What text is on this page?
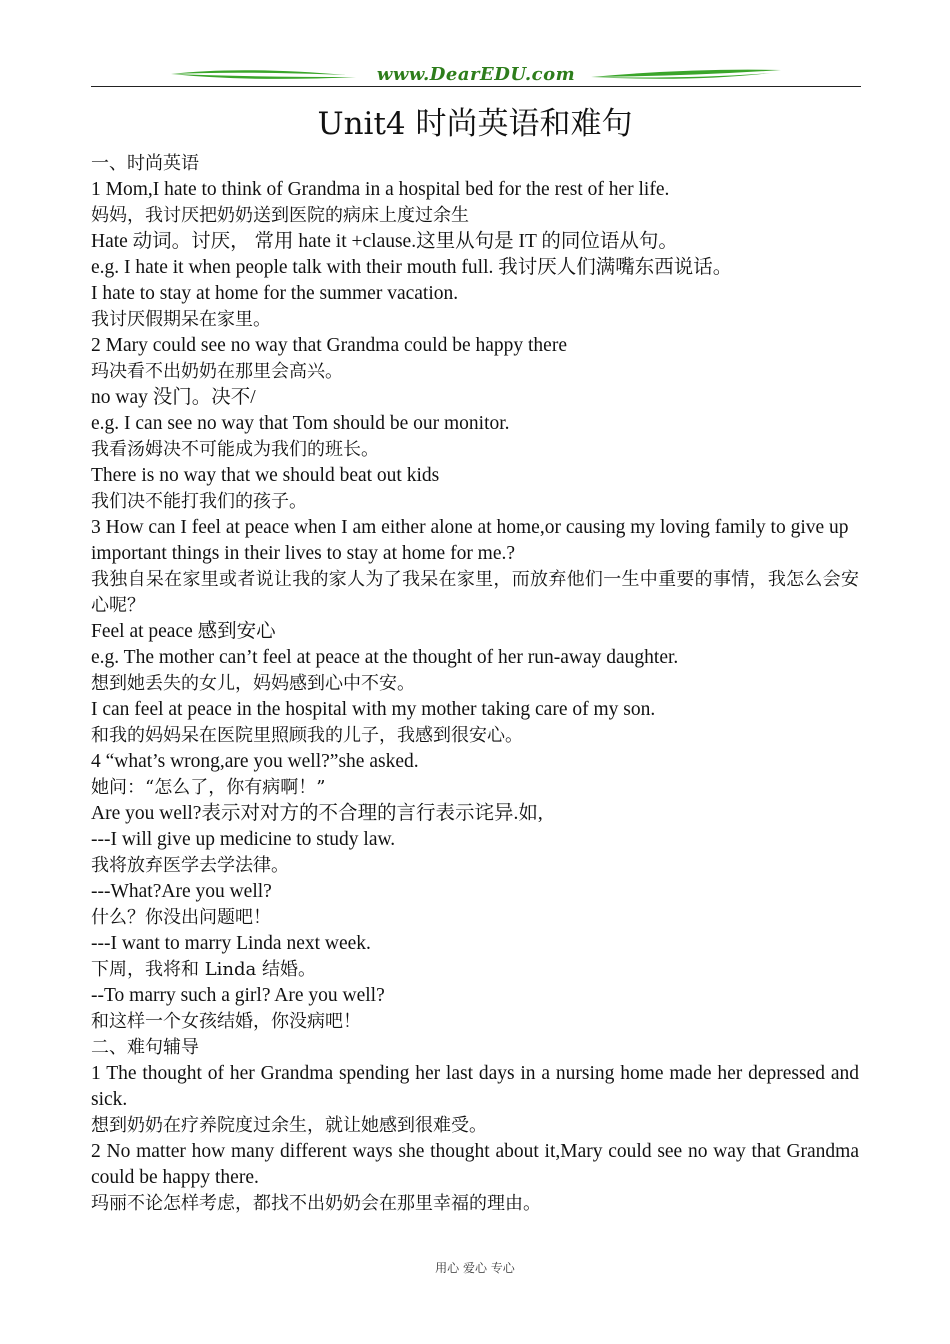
www.DearEDU.com
Unit4 时尚英语和难句
一、时尚英语
1 Mom,I hate to think of Grandma in a hospital bed for the rest of her life.
妈妈，我讨厌把奶奶送到医院的病床上度过余生
Hate 动词。讨厌， 常用 hate it +clause.这里从句是 IT 的同位语从句。
e.g. I hate it when people talk with their mouth full. 我讨厌人们满嘴东西说话。
I hate to stay at home for the summer vacation.
我讨厌假期呆在家里。
2 Mary could see no way that Grandma could be happy there
玛决看不出奶奶在那里会高兴。
no way 没门。决不/
e.g. I can see no way that Tom should be our monitor.
我看汤姆决不可能成为我们的班长。
There is no way that we should beat out kids
我们决不能打我们的孩子。
3 How can I feel at peace when I am either alone at home,or causing my loving family to give up
important things in their lives to stay at home for me.?
我独自呆在家里或者说让我的家人为了我呆在家里，而放弃他们一生中重要的事情，我怎么会安心呢？
Feel at peace 感到安心
e.g. The mother can’t feel at peace at the thought of her run-away daughter.
想到她丢失的女儿，妈妈感到心中不安。
I can feel at peace in the hospital with my mother taking care of my son.
和我的妈妈呆在医院里照顾我的儿子，我感到很安心。
4 “what’s wrong,are you well?”she asked.
她问：“怎么了，你有病啊！”
Are you well?表示对对方的不合理的言行表示诧异.如,
---I will give up medicine to study law.
我将放弃医学去学法律。
---What?Are you well?
什么？你没出问题吧！
---I want to marry Linda next week.
下周，我将和 Linda 结婚。
--To marry such a girl? Are you well?
和这样一个女孩结婚，你没病吧！
二、难句辅导
1 The thought of her Grandma spending her last days in a nursing home made her depressed and sick.
想到奶奶在疗养院度过余生，就让她感到很难受。
2 No matter how many different ways she thought about it,Mary could see no way that Grandma could be happy there.
玛丽不论怎样考虑，都找不出奶奶会在那里幸福的理由。
用心 爱心 专心
